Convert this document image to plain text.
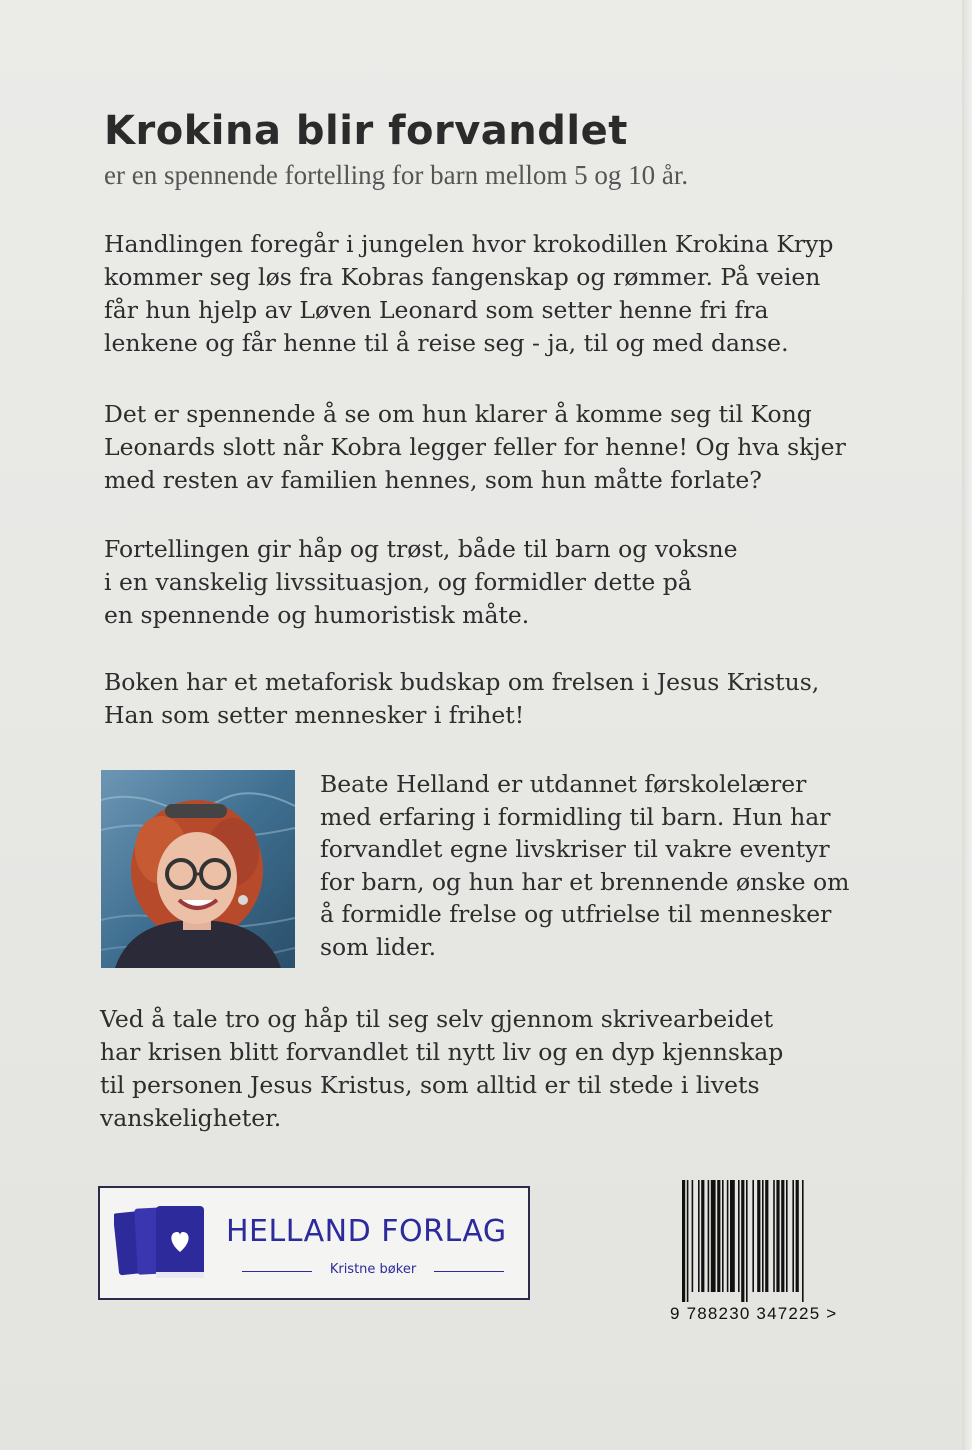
Krokina blir forvandlet

er en spennende fortelling for barn mellom 5 og 10 år.

Handlingen foregår i jungelen hvor krokodillen Krokina Kryp
kommer seg løs fra Kobras fangenskap og rømmer. På veien
får hun hjelp av Løven Leonard som setter henne fri fra
lenkene og får henne til å reise seg - ja, til og med danse.

Det er spennende å se om hun klarer å komme seg til Kong
Leonards slott når Kobra legger feller for henne! Og hva skjer
med resten av familien hennes, som hun måtte forlate?

Fortellingen gir håp og trøst, både til barn og voksne
i en vanskelig livssituasjon, og formidler dette på
en spennende og humoristisk måte.

Boken har et metaforisk budskap om frelsen i Jesus Kristus,
Han som setter mennesker i frihet!

Beate Helland er utdannet førskolelærer
med erfaring i formidling til barn. Hun har
forvandlet egne livskriser til vakre eventyr
for barn, og hun har et brennende ønske om
å formidle frelse og utfrielse til mennesker
som lider.

Ved å tale tro og håp til seg selv gjennom skrivearbeidet
har krisen blitt forvandlet til nytt liv og en dyp kjennskap
til personen Jesus Kristus, som alltid er til stede i livets
vanskeligheter.

HELLAND FORLAG
Kristne bøker
9 788230 347225 >
